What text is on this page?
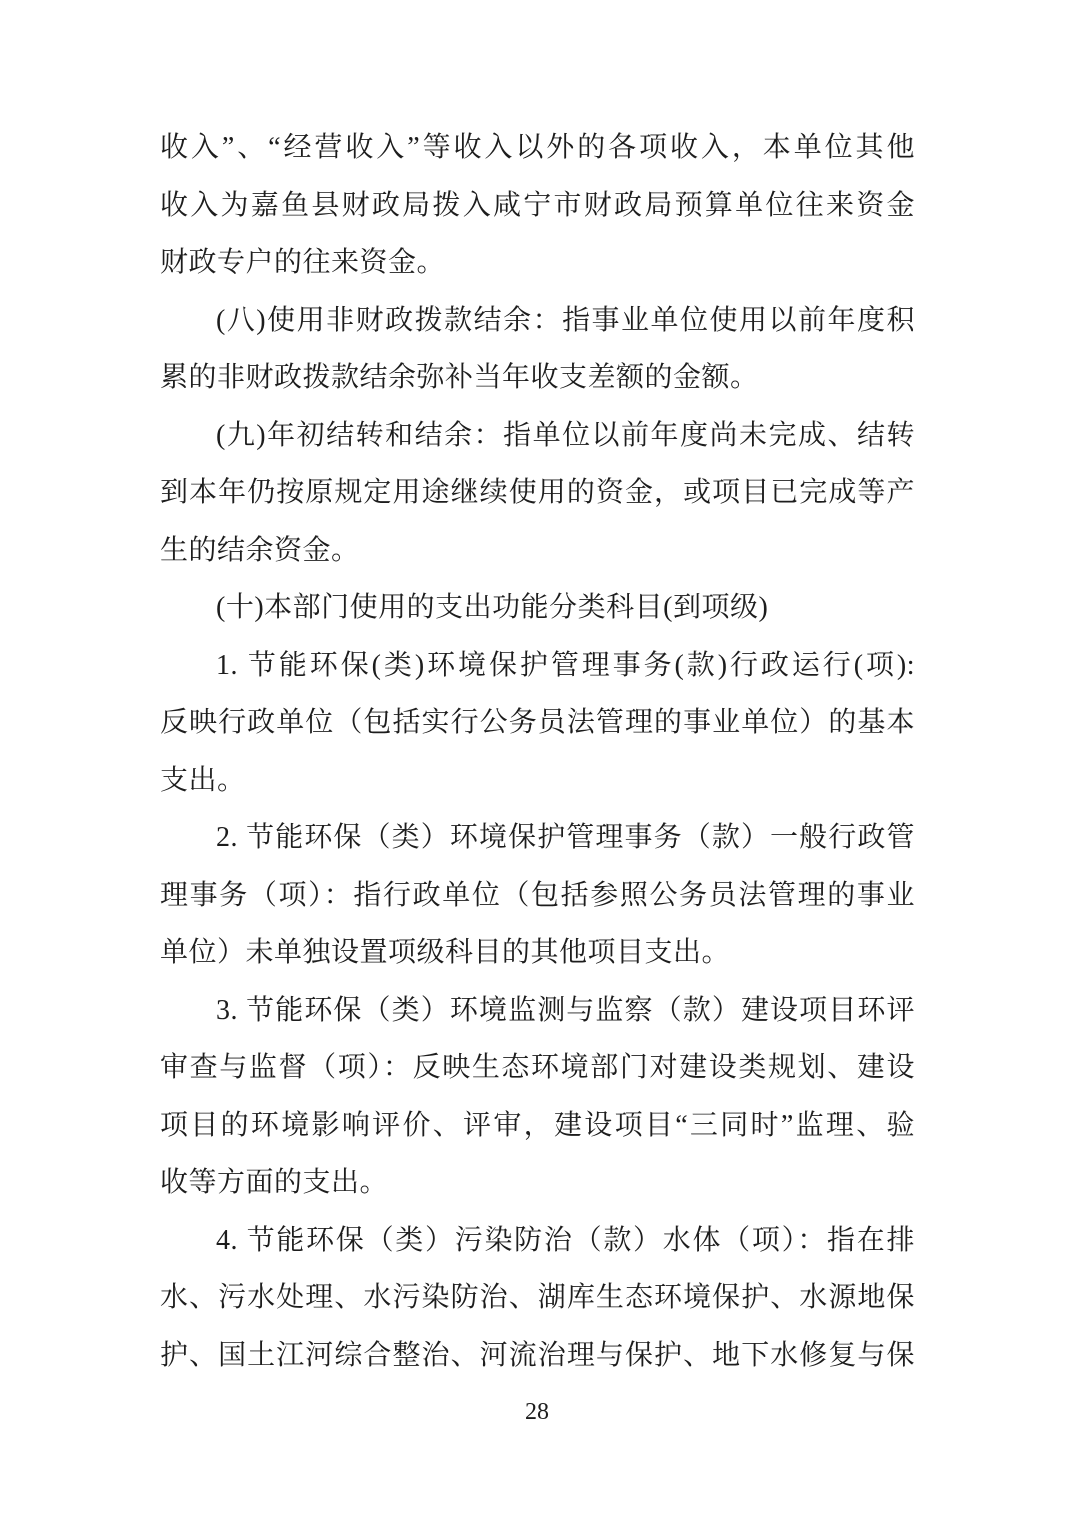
收入”、“经营收入”等收入以外的各项收入，本单位其他
收入为嘉鱼县财政局拨入咸宁市财政局预算单位往来资金
财政专户的往来资金。
(八)使用非财政拨款结余：指事业单位使用以前年度积
累的非财政拨款结余弥补当年收支差额的金额。
(九)年初结转和结余：指单位以前年度尚未完成、结转
到本年仍按原规定用途继续使用的资金，或项目已完成等产
生的结余资金。
(十)本部门使用的支出功能分类科目(到项级)
1. 节能环保(类)环境保护管理事务(款)行政运行(项):
反映行政单位（包括实行公务员法管理的事业单位）的基本
支出。
2. 节能环保（类）环境保护管理事务（款）一般行政管
理事务（项）：指行政单位（包括参照公务员法管理的事业
单位）未单独设置项级科目的其他项目支出。
3. 节能环保（类）环境监测与监察（款）建设项目环评
审查与监督（项）：反映生态环境部门对建设类规划、建设
项目的环境影响评价、评审，建设项目“三同时”监理、验
收等方面的支出。
4. 节能环保（类）污染防治（款）水体（项）：指在排
水、污水处理、水污染防治、湖库生态环境保护、水源地保
护、国土江河综合整治、河流治理与保护、地下水修复与保
28
